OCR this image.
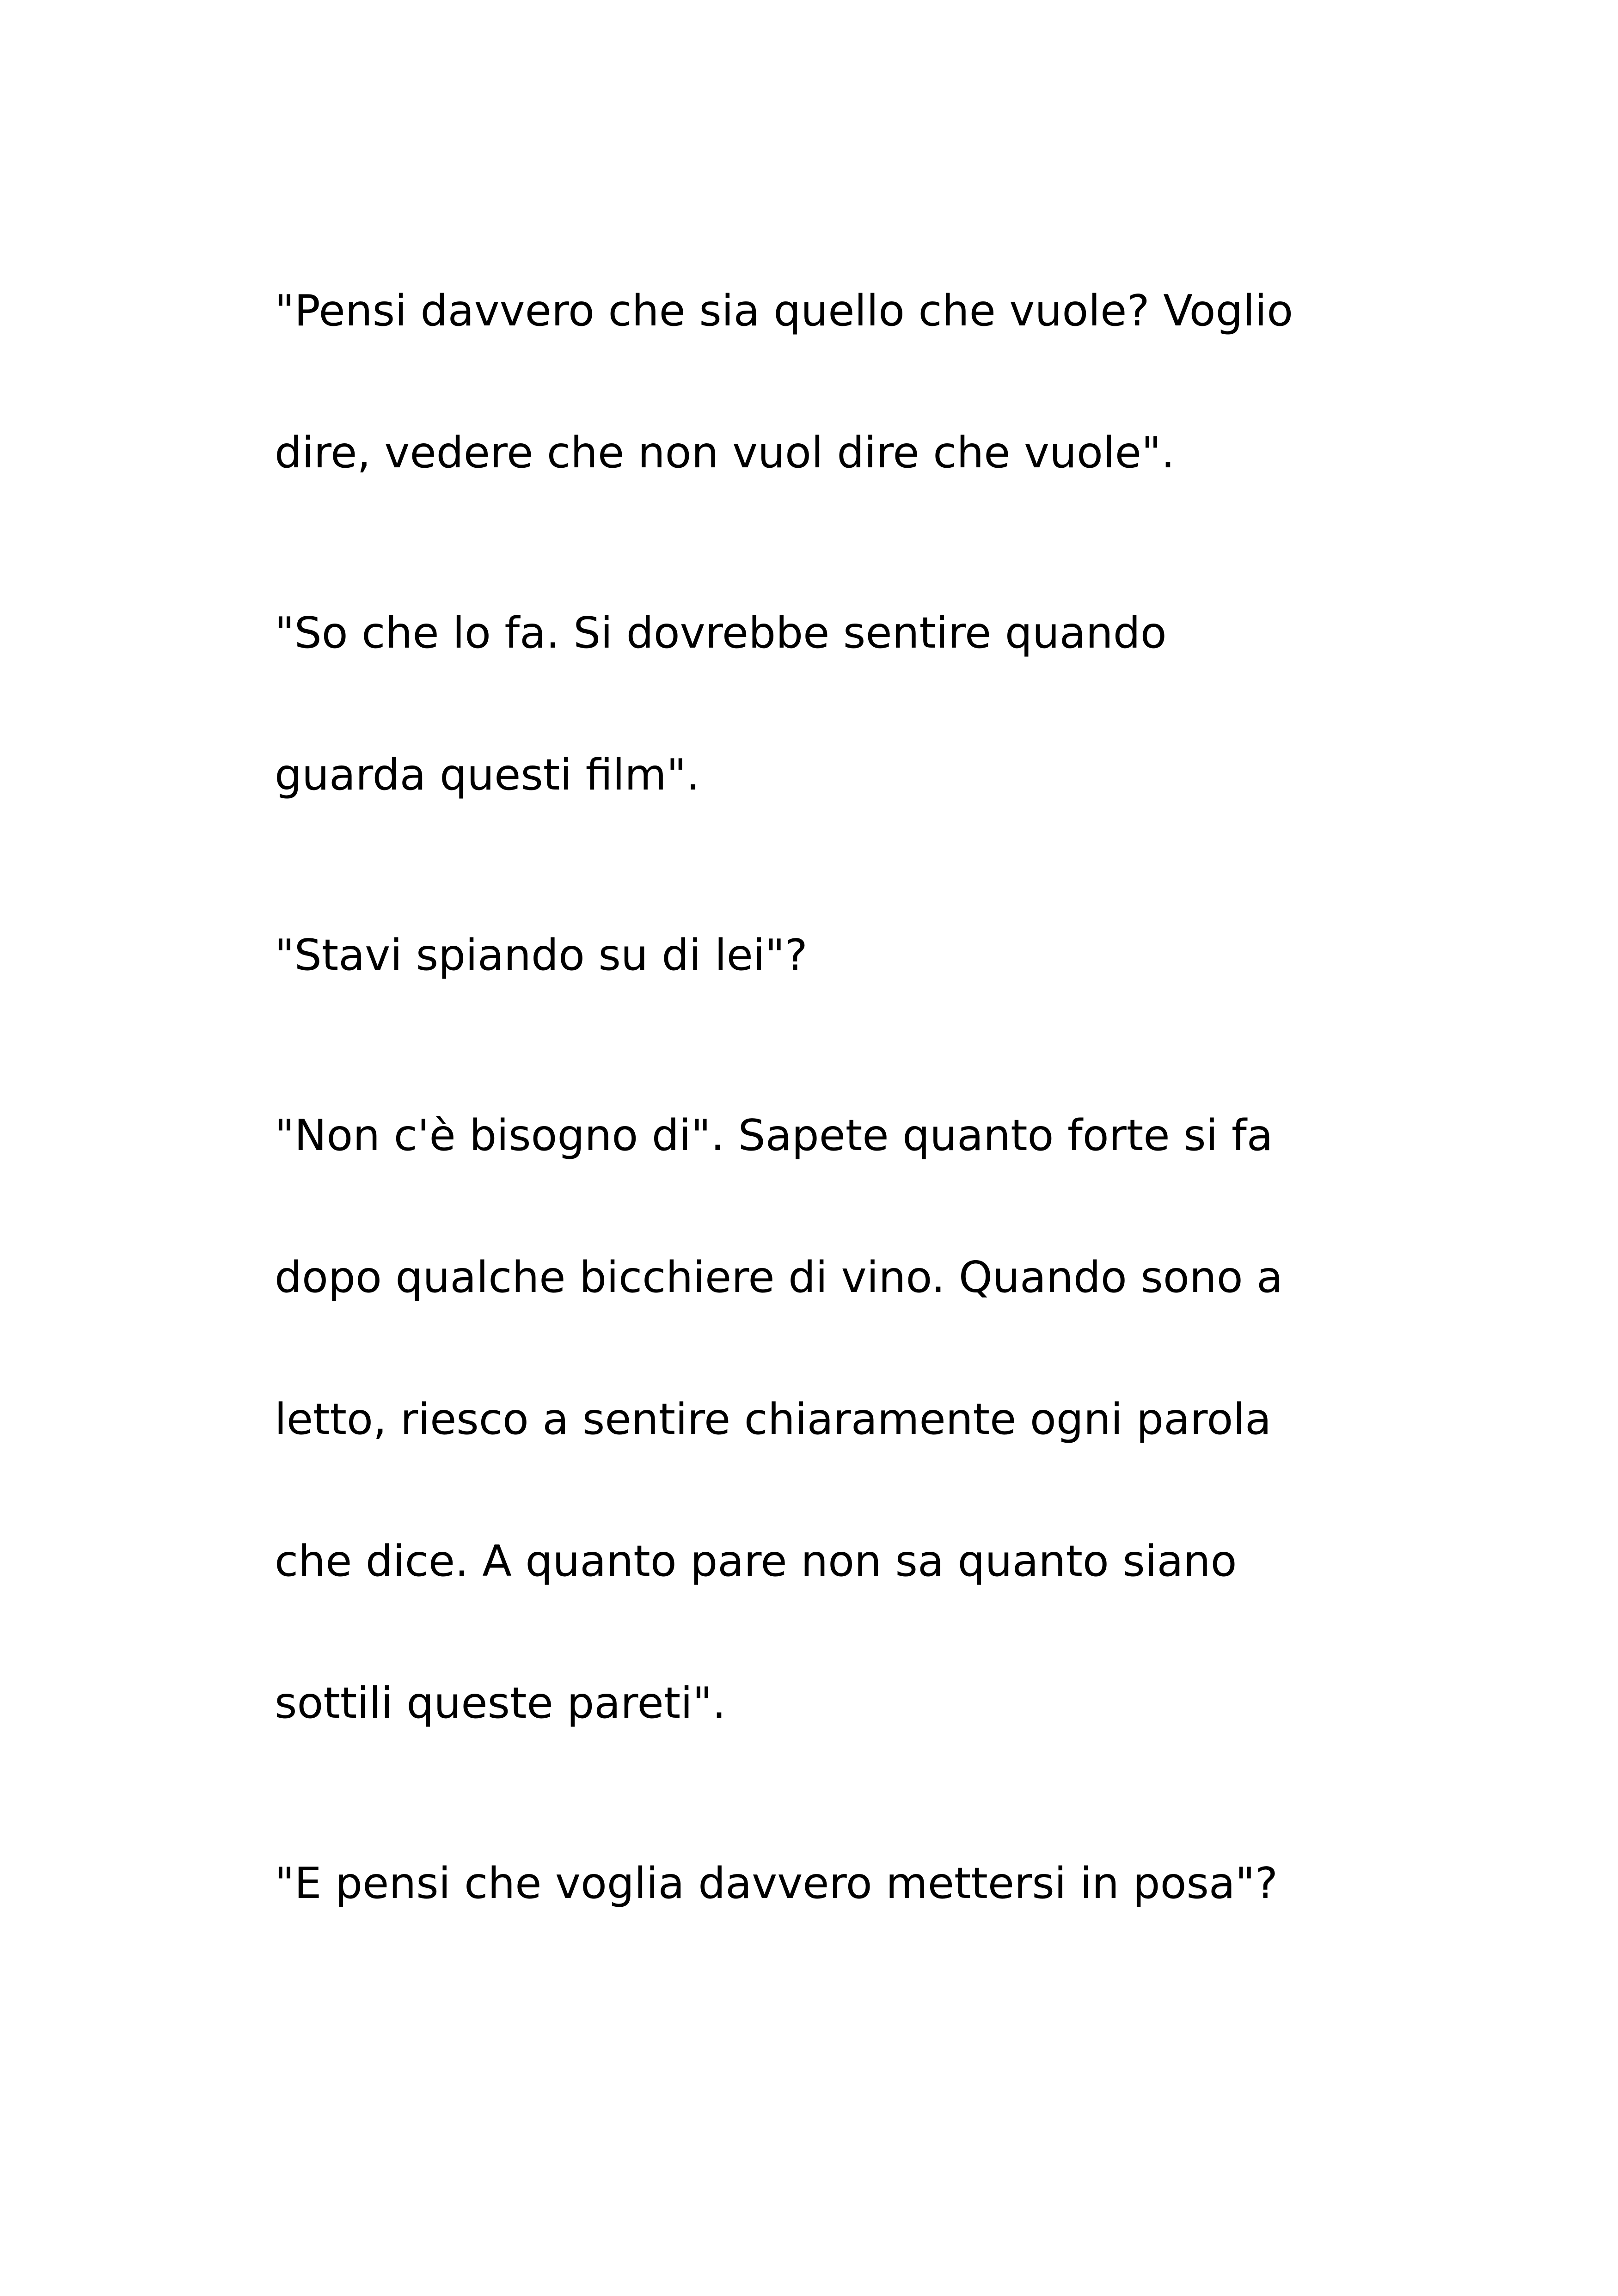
"Pensi davvero che sia quello che vuole? Voglio
dire, vedere che non vuol dire che vuole".
"So che lo fa. Si dovrebbe sentire quando
guarda questi film".
"Stavi spiando su di lei"?
"Non c'è bisogno di". Sapete quanto forte si fa
dopo qualche bicchiere di vino. Quando sono a
letto, riesco a sentire chiaramente ogni parola
che dice. A quanto pare non sa quanto siano
sottili queste pareti".
"E pensi che voglia davvero mettersi in posa"?
